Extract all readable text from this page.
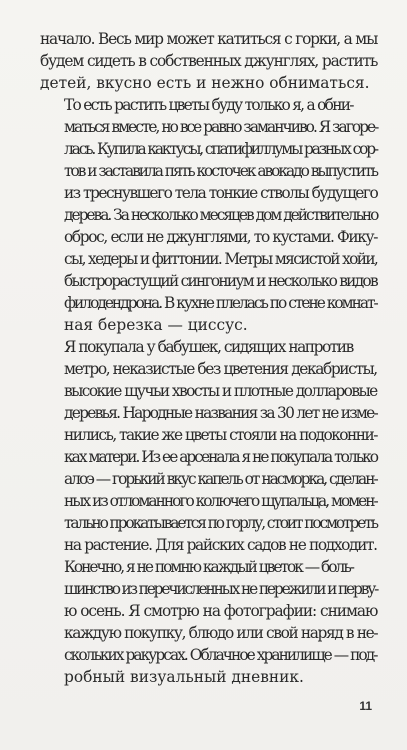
начало. Весь мир может катиться с горки, а мы
будем сидеть в собственных джунглях, растить
детей, вкусно есть и нежно обниматься.

То есть растить цветы буду только я, а обни-
маться вместе, но все равно заманчиво. Я загоре-
лась. Купила кактусы, спатифиллумы разных сор-
тов и заставила пять косточек авокадо выпустить
из треснувшего тела тонкие стволы будущего
дерева. За несколько месяцев дом действительно
оброс, если не джунглями, то кустами. Фику-
сы, хедеры и фиттонии. Метры мясистой хойи,
быстрорастущий сингониум и несколько видов
филодендрона. В кухне плелась по стене комнат-
ная березка — циссус.

Я покупала у бабушек, сидящих напротив
метро, неказистые без цветения декабристы,
высокие щучьи хвосты и плотные долларовые
деревья. Народные названия за 30 лет не изме-
нились, такие же цветы стояли на подоконни-
ках матери. Из ее арсенала я не покупала только
алоэ — горький вкус капель от насморка, сделан-
ных из отломанного колючего щупальца, момен-
тально прокатывается по горлу, стоит посмотреть
на растение. Для райских садов не подходит.

Конечно, я не помню каждый цветок — боль-
шинство из перечисленных не пережили и перву-
ю осень. Я смотрю на фотографии: снимаю
каждую покупку, блюдо или свой наряд в не-
скольких ракурсах. Облачное хранилище — под-
робный визуальный дневник.

11
